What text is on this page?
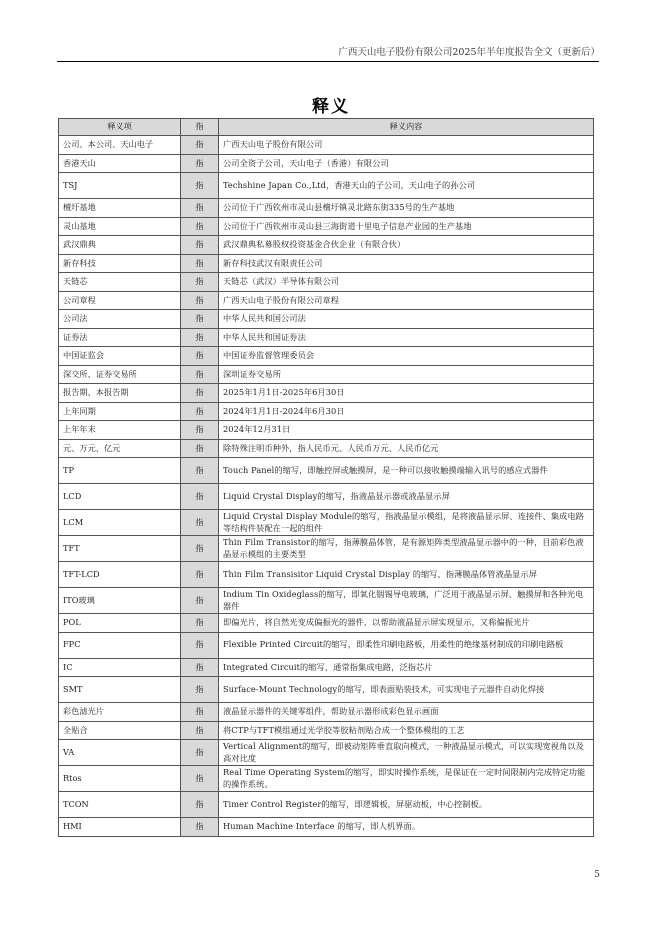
广西天山电子股份有限公司2025年半年度报告全文（更新后）
释义
释义项	指	释义内容
公司、本公司、天山电子	指	广西天山电子股份有限公司
香港天山	指	公司全资子公司，天山电子（香港）有限公司
TSJ	指	Techshine Japan Co.,Ltd，香港天山的子公司，天山电子的孙公司
檀圩基地	指	公司位于广西钦州市灵山县檀圩镇灵北路东街335号的生产基地
灵山基地	指	公司位于广西钦州市灵山县三海街道十里电子信息产业园的生产基地
武汉鼎典	指	武汉鼎典私募股权投资基金合伙企业（有限合伙）
新存科技	指	新存科技武汉有限责任公司
天链芯	指	天链芯（武汉）半导体有限公司
公司章程	指	广西天山电子股份有限公司章程
公司法	指	中华人民共和国公司法
证券法	指	中华人民共和国证券法
中国证监会	指	中国证券监督管理委员会
深交所、证券交易所	指	深圳证券交易所
报告期、本报告期	指	2025年1月1日-2025年6月30日
上年同期	指	2024年1月1日-2024年6月30日
上年年末	指	2024年12月31日
元、万元、亿元	指	除特殊注明币种外，指人民币元、人民币万元、人民币亿元
TP	指	Touch Panel的缩写，即触控屏或触摸屏，是一种可以接收触摸端输入讯号的感应式器件
LCD	指	Liquid Crystal Display的缩写，指液晶显示器或液晶显示屏
LCM	指	Liquid Crystal Display Module的缩写，指液晶显示模组，是将液晶显示屏、连接件、集成电路等结构件装配在一起的组件
TFT	指	Thin Film Transistor的缩写，指薄膜晶体管，是有源矩阵类型液晶显示器中的一种，目前彩色液晶显示模组的主要类型
TFT-LCD	指	Thin Film Transisitor Liquid Crystal Display 的缩写，指薄膜晶体管液晶显示屏
ITO玻璃	指	Indium Tin Oxideglass的缩写，即氧化铟锡导电玻璃，广泛用于液晶显示屏、触摸屏和各种光电器件
POL	指	即偏光片，将自然光变成偏振光的器件，以帮助液晶显示屏实现显示，又称偏振光片
FPC	指	Flexible Printed Circuit的缩写，即柔性印刷电路板，用柔性的绝缘基材制成的印刷电路板
IC	指	Integrated Circuit的缩写，通常指集成电路，泛指芯片
SMT	指	Surface-Mount Technology的缩写，即表面贴装技术，可实现电子元器件自动化焊接
彩色滤光片	指	液晶显示器件的关键零组件，帮助显示器形成彩色显示画面
全贴合	指	将CTP与TFT模组通过光学胶等胶粘剂贴合成一个整体模组的工艺
VA	指	Vertical Alignment的缩写，即被动矩阵垂直取向模式，一种液晶显示模式，可以实现宽视角以及高对比度
Rtos	指	Real Time Operating System的缩写，即实时操作系统，是保证在一定时间限制内完成特定功能的操作系统。
TCON	指	Timer Control Register的缩写，即逻辑板，屏驱动板，中心控制板。
HMI	指	Human Machine Interface 的缩写，即人机界面。
5
